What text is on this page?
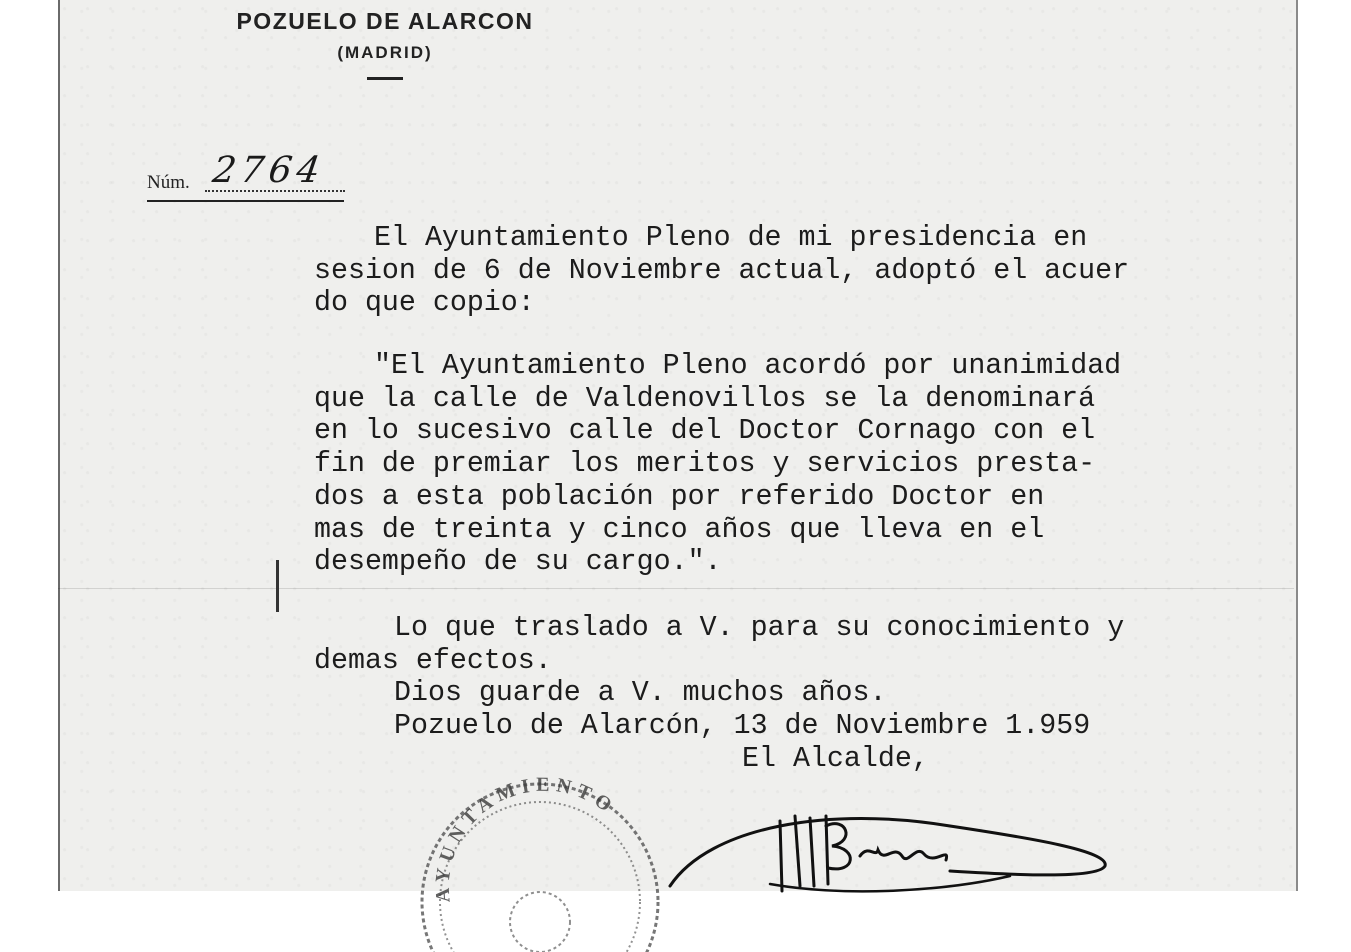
POZUELO DE ALARCON
(MADRID)
Núm. 2764

El Ayuntamiento Pleno de mi presidencia en

sesion de 6 de Noviembre actual, adoptó el acuer

do que copio:

"El Ayuntamiento Pleno acordó por unanimidad

que la calle de Valdenovillos se la denominará

en lo sucesivo calle del Doctor Cornago con el

fin de premiar los meritos y servicios presta-

dos a esta población por referido Doctor en

mas de treinta y cinco años que lleva en el

desempeño de su cargo.".

Lo que traslado a V. para su conocimiento y

demas efectos.

Dios guarde a V. muchos años.

Pozuelo de Alarcón, 13 de Noviembre 1.959

El Alcalde,

AYUNTAMIENTO
